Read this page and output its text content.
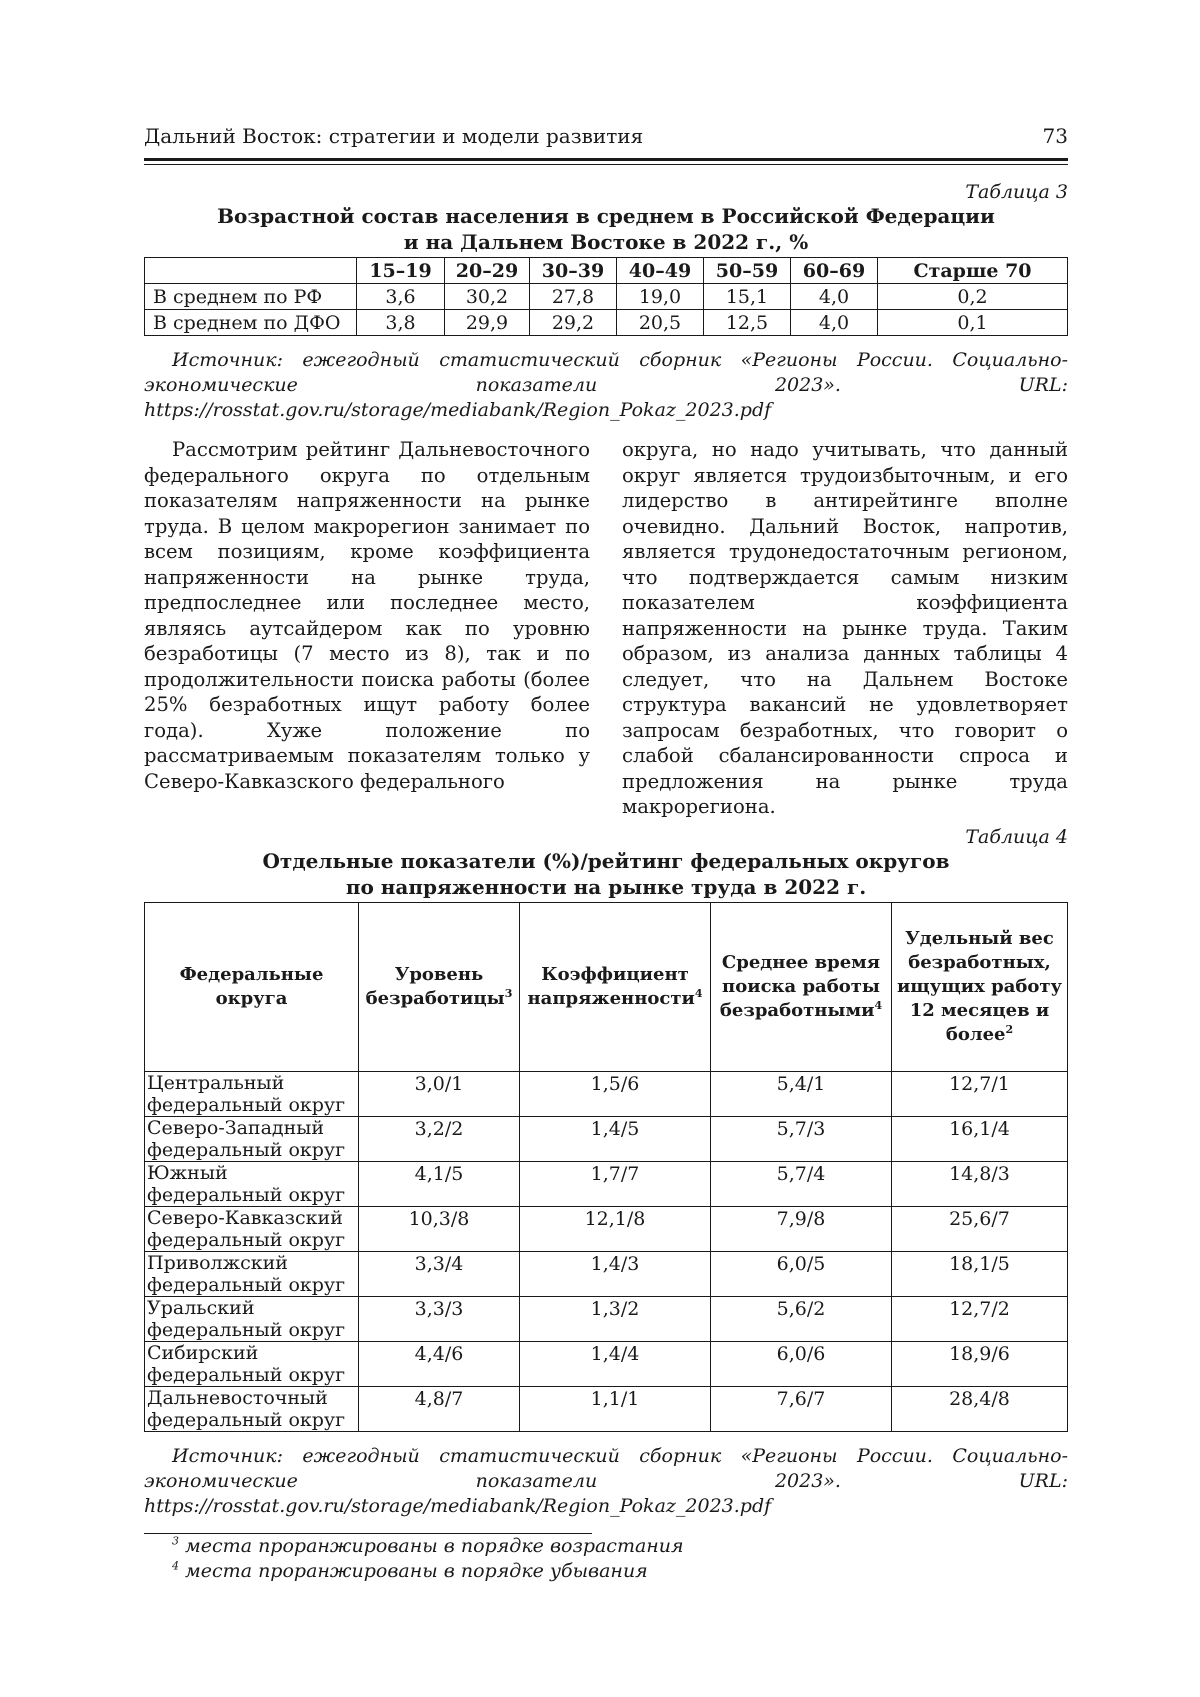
Дальний Восток: стратегии и модели развития	73
Таблица 3
Возрастной состав населения в среднем в Российской Федерации
и на Дальнем Востоке в 2022 г., %
	15–19	20–29	30–39	40–49	50–59	60–69	Старше 70
В среднем по РФ	3,6	30,2	27,8	19,0	15,1	4,0	0,2
В среднем по ДФО	3,8	29,9	29,2	20,5	12,5	4,0	0,1
Источник: ежегодный статистический сборник «Регионы России. Социально-экономические показатели 2023». URL: https://rosstat.gov.ru/storage/mediabank/Region_Pokaz_2023.pdf

Рассмотрим рейтинг Дальневосточного федерального округа по отдельным показателям напряженности на рынке труда. В целом макрорегион занимает по всем позициям, кроме коэффициента напряженности на рынке труда, предпоследнее или последнее место, являясь аутсайдером как по уровню безработицы (7 место из 8), так и по продолжительности поиска работы (более 25% безработных ищут работу более года). Хуже положение по рассматриваемым показателям только у Северо-Кавказского федерального

округа, но надо учитывать, что данный округ является трудоизбыточным, и его лидерство в антирейтинге вполне очевидно. Дальний Восток, напротив, является трудонедостаточным регионом, что подтверждается самым низким показателем коэффициента напряженности на рынке труда. Таким образом, из анализа данных таблицы 4 следует, что на Дальнем Востоке структура вакансий не удовлетворяет запросам безработных, что говорит о слабой сбалансированности спроса и предложения на рынке труда макрорегиона.

Таблица 4
Отдельные показатели (%)/рейтинг федеральных округов
по напряженности на рынке труда в 2022 г.
Федеральные округа	Уровень безработицы$^3$	Коэффициент напряженности$^4$	Среднее время поиска работы безработными$^4$	Удельный вес безработных, ищущих работу 12 месяцев и более$^2$
Центральный федеральный округ	3,0/1	1,5/6	5,4/1	12,7/1
Северо-Западный федеральный округ	3,2/2	1,4/5	5,7/3	16,1/4
Южный федеральный округ	4,1/5	1,7/7	5,7/4	14,8/3
Северо-Кавказский федеральный округ	10,3/8	12,1/8	7,9/8	25,6/7
Приволжский федеральный округ	3,3/4	1,4/3	6,0/5	18,1/5
Уральский федеральный округ	3,3/3	1,3/2	5,6/2	12,7/2
Сибирский федеральный округ	4,4/6	1,4/4	6,0/6	18,9/6
Дальневосточный федеральный округ	4,8/7	1,1/1	7,6/7	28,4/8
Источник: ежегодный статистический сборник «Регионы России. Социально-экономические показатели 2023». URL: https://rosstat.gov.ru/storage/mediabank/Region_Pokaz_2023.pdf
$^3$ места проранжированы в порядке возрастания
$^4$ места проранжированы в порядке убывания
